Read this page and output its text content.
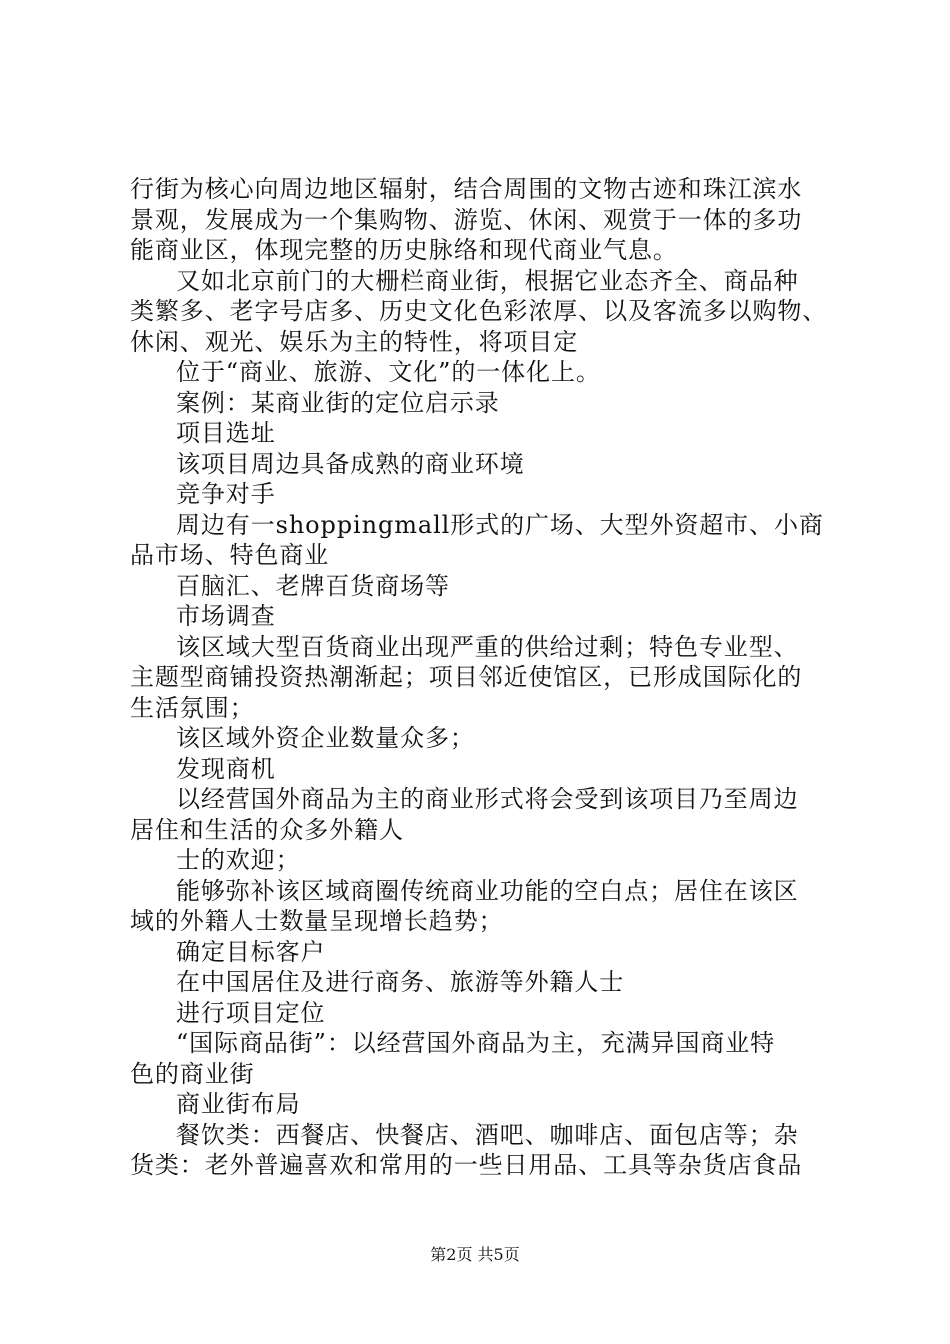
行街为核心向周边地区辐射，结合周围的文物古迹和珠江滨水

景观，发展成为一个集购物、游览、休闲、观赏于一体的多功

能商业区，体现完整的历史脉络和现代商业气息。

又如北京前门的大栅栏商业街，根据它业态齐全、商品种

类繁多、老字号店多、历史文化色彩浓厚、以及客流多以购物、

休闲、观光、娱乐为主的特性，将项目定

位于“商业、旅游、文化”的一体化上。

案例：某商业街的定位启示录

项目选址

该项目周边具备成熟的商业环境

竞争对手

周边有一shoppingmall形式的广场、大型外资超市、小商

品市场、特色商业

百脑汇、老牌百货商场等

市场调查

该区域大型百货商业出现严重的供给过剩；特色专业型、

主题型商铺投资热潮渐起；项目邻近使馆区，已形成国际化的

生活氛围；

该区域外资企业数量众多；

发现商机

以经营国外商品为主的商业形式将会受到该项目乃至周边

居住和生活的众多外籍人

士的欢迎；

能够弥补该区域商圈传统商业功能的空白点；居住在该区

域的外籍人士数量呈现增长趋势；

确定目标客户

在中国居住及进行商务、旅游等外籍人士

进行项目定位

“国际商品街”：以经营国外商品为主，充满异国商业特

色的商业街

商业街布局

餐饮类：西餐店、快餐店、酒吧、咖啡店、面包店等；杂

货类：老外普遍喜欢和常用的一些日用品、工具等杂货店食品

第2页 共5页
